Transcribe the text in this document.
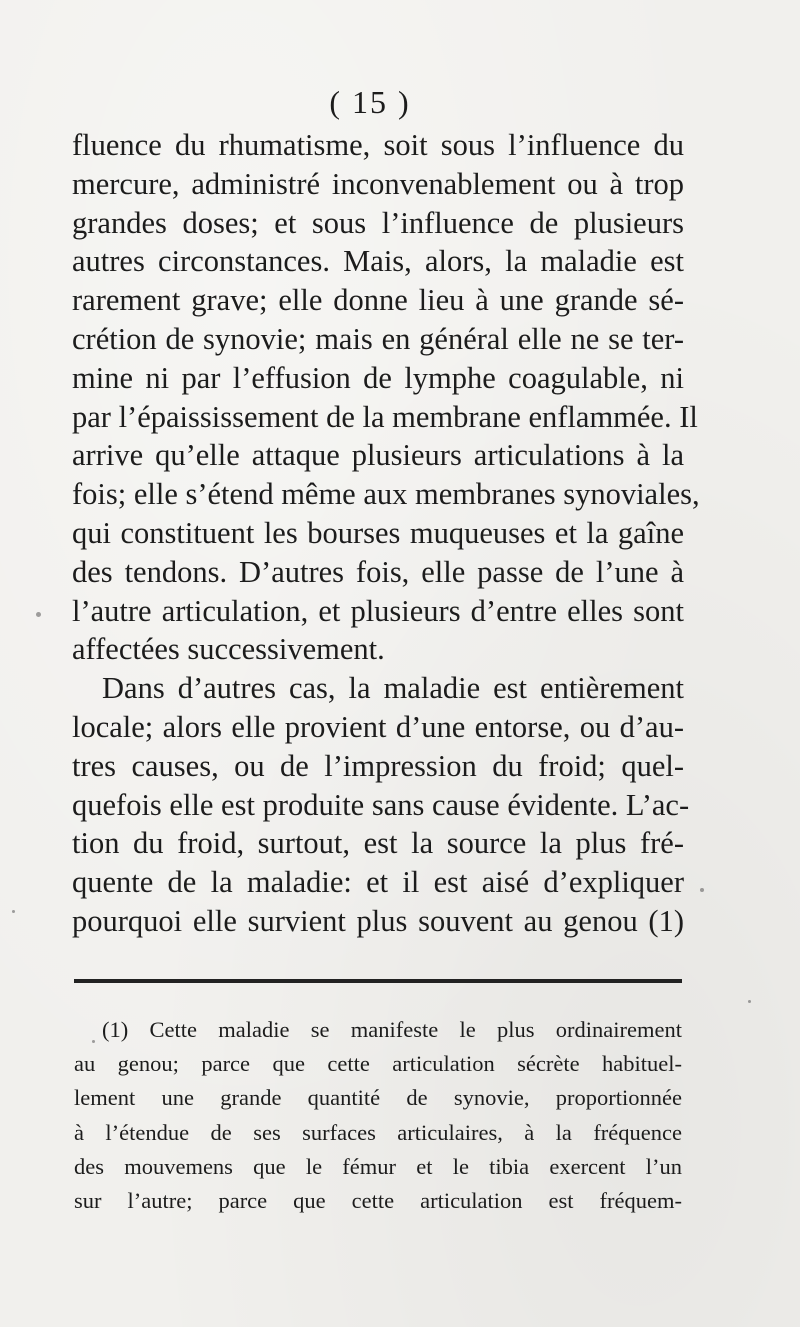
( 15 )
fluence du rhumatisme, soit sous l’influence du
mercure, administré inconvenablement ou à trop
grandes doses; et sous l’influence de plusieurs
autres circonstances. Mais, alors, la maladie est
rarement grave; elle donne lieu à une grande sé-
crétion de synovie; mais en général elle ne se ter-
mine ni par l’effusion de lymphe coagulable, ni
par l’épaississement de la membrane enflammée. Il
arrive qu’elle attaque plusieurs articulations à la
fois; elle s’étend même aux membranes synoviales,
qui constituent les bourses muqueuses et la gaîne
des tendons. D’autres fois, elle passe de l’une à
l’autre articulation, et plusieurs d’entre elles sont
affectées successivement.
Dans d’autres cas, la maladie est entièrement
locale; alors elle provient d’une entorse, ou d’au-
tres causes, ou de l’impression du froid; quel-
quefois elle est produite sans cause évidente. L’ac-
tion du froid, surtout, est la source la plus fré-
quente de la maladie: et il est aisé d’expliquer
pourquoi elle survient plus souvent au genou (1)
(1) Cette maladie se manifeste le plus ordinairement
au genou; parce que cette articulation sécrète habituel-
lement une grande quantité de synovie, proportionnée
à l’étendue de ses surfaces articulaires, à la fréquence
des mouvemens que le fémur et le tibia exercent l’un
sur l’autre; parce que cette articulation est fréquem-
